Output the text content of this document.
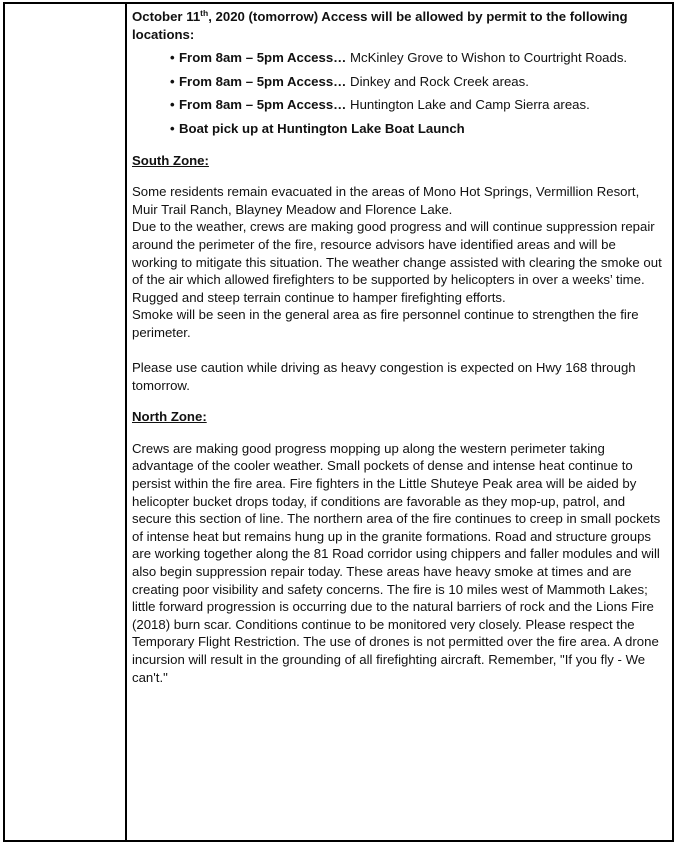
October 11th, 2020 (tomorrow) Access will be allowed by permit to the following locations:

• From 8am – 5pm Access… McKinley Grove to Wishon to Courtright Roads.
• From 8am – 5pm Access… Dinkey and Rock Creek areas.
• From 8am – 5pm Access… Huntington Lake and Camp Sierra areas.
• Boat pick up at Huntington Lake Boat Launch

South Zone:

Some residents remain evacuated in the areas of Mono Hot Springs, Vermillion Resort, Muir Trail Ranch, Blayney Meadow and Florence Lake.

Due to the weather, crews are making good progress and will continue suppression repair around the perimeter of the fire, resource advisors have identified areas and will be working to mitigate this situation. The weather change assisted with clearing the smoke out of the air which allowed firefighters to be supported by helicopters in over a weeks’ time. Rugged and steep terrain continue to hamper firefighting efforts.

Smoke will be seen in the general area as fire personnel continue to strengthen the fire perimeter.

Please use caution while driving as heavy congestion is expected on Hwy 168 through tomorrow.

North Zone:

Crews are making good progress mopping up along the western perimeter taking advantage of the cooler weather. Small pockets of dense and intense heat continue to persist within the fire area. Fire fighters in the Little Shuteye Peak area will be aided by helicopter bucket drops today, if conditions are favorable as they mop-up, patrol, and secure this section of line. The northern area of the fire continues to creep in small pockets of intense heat but remains hung up in the granite formations. Road and structure groups are working together along the 81 Road corridor using chippers and faller modules and will also begin suppression repair today. These areas have heavy smoke at times and are creating poor visibility and safety concerns. The fire is 10 miles west of Mammoth Lakes; little forward progression is occurring due to the natural barriers of rock and the Lions Fire (2018) burn scar. Conditions continue to be monitored very closely. Please respect the Temporary Flight Restriction. The use of drones is not permitted over the fire area. A drone incursion will result in the grounding of all firefighting aircraft. Remember, "If you fly - We can't."
